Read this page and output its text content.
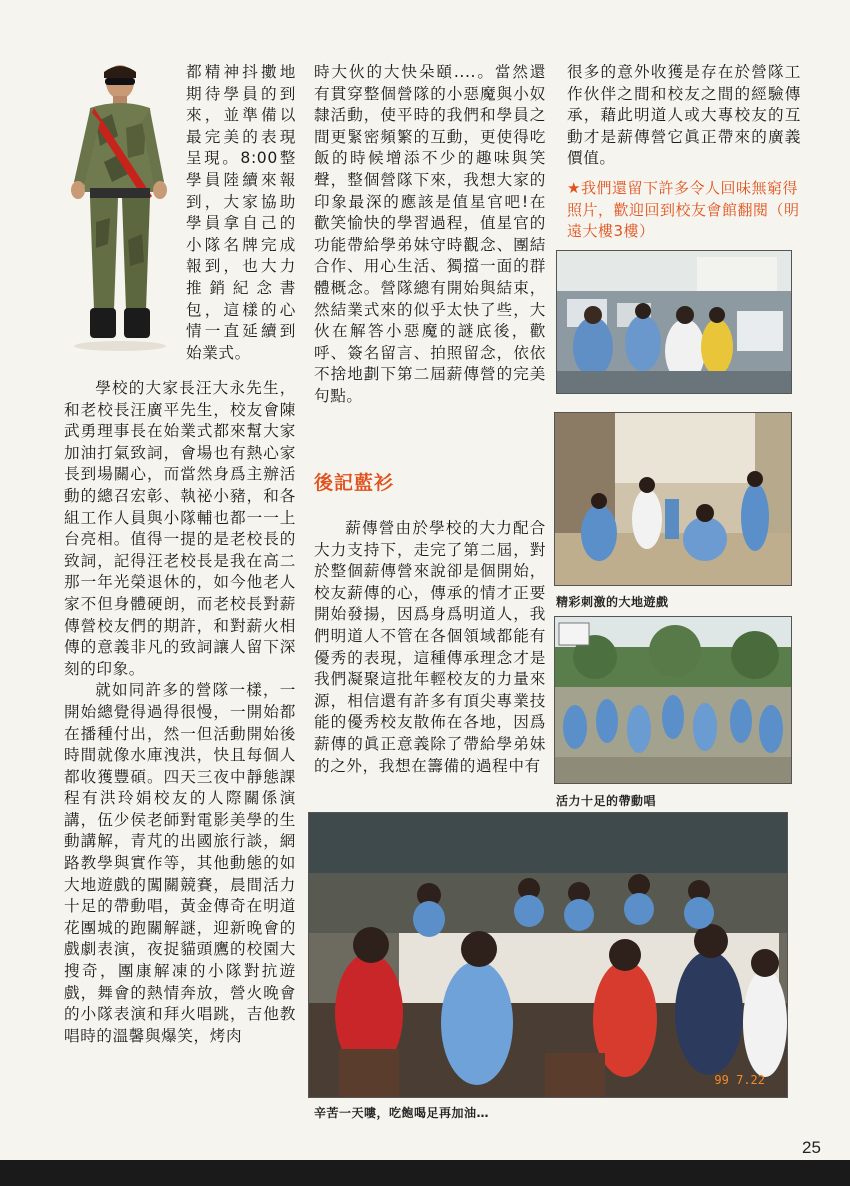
都精神抖擻地期待學員的到來，並準備以最完美的表現呈現。8:00整學員陸續來報到，大家協助學員拿自己的小隊名牌完成報到，也大力推銷紀念書包，這樣的心情一直延續到始業式。

學校的大家長汪大永先生，和老校長汪廣平先生，校友會陳武勇理事長在始業式都來幫大家加油打氣致詞，會場也有熱心家長到場關心，而當然身爲主辦活動的總召宏彰、執祕小豬，和各組工作人員與小隊輔也都一一上台亮相。值得一提的是老校長的致詞，記得汪老校長是我在高二那一年光榮退休的，如今他老人家不但身體硬朗，而老校長對薪傳營校友們的期許，和對薪火相傳的意義非凡的致詞讓人留下深刻的印象。

就如同許多的營隊一樣，一開始總覺得過得很慢，一開始都在播種付出，然一但活動開始後時間就像水庫洩洪，快且每個人都收獲豐碩。四天三夜中靜態課程有洪玲娟校友的人際關係演講，伍少侯老師對電影美學的生動講解，青芃的出國旅行談，網路教學與實作等，其他動態的如大地遊戲的闖關競賽，晨間活力十足的帶動唱，黃金傳奇在明道花團城的跑關解謎，迎新晚會的戲劇表演，夜捉貓頭鷹的校園大搜奇，團康解凍的小隊對抗遊戲，舞會的熱情奔放，營火晚會的小隊表演和拜火唱跳，吉他教唱時的溫馨與爆笑，烤肉

時大伙的大快朵頤....。當然還有貫穿整個營隊的小惡魔與小奴隸活動，使平時的我們和學員之間更緊密頻繁的互動，更使得吃飯的時候增添不少的趣味與笑聲，整個營隊下來，我想大家的印象最深的應該是值星官吧!在歡笑愉快的學習過程，值星官的功能帶給學弟妹守時觀念、團結合作、用心生活、獨擋一面的群體概念。營隊總有開始與結束，然結業式來的似乎太快了些，大伙在解答小惡魔的謎底後，歡呼、簽名留言、拍照留念，依依不捨地劃下第二屆薪傳營的完美句點。

後記藍衫

薪傳營由於學校的大力配合大力支持下，走完了第二屆，對於整個薪傳營來說卻是個開始，校友薪傳的心，傳承的情才正要開始發揚，因爲身爲明道人，我們明道人不管在各個領域都能有優秀的表現，這種傳承理念才是我們凝聚這批年輕校友的力量來源，相信還有許多有頂尖專業技能的優秀校友散佈在各地，因爲薪傳的眞正意義除了帶給學弟妹的之外，我想在籌備的過程中有

很多的意外收獲是存在於營隊工作伙伴之間和校友之間的經驗傳承，藉此明道人或大專校友的互動才是薪傳營它眞正帶來的廣義價值。

★我們還留下許多令人回味無窮得照片，歡迎回到校友會館翻閱（明遠大樓3樓）
精彩刺激的大地遊戲
活力十足的帶動唱
99 7.22
辛苦一天嘍，吃飽喝足再加油…
25
